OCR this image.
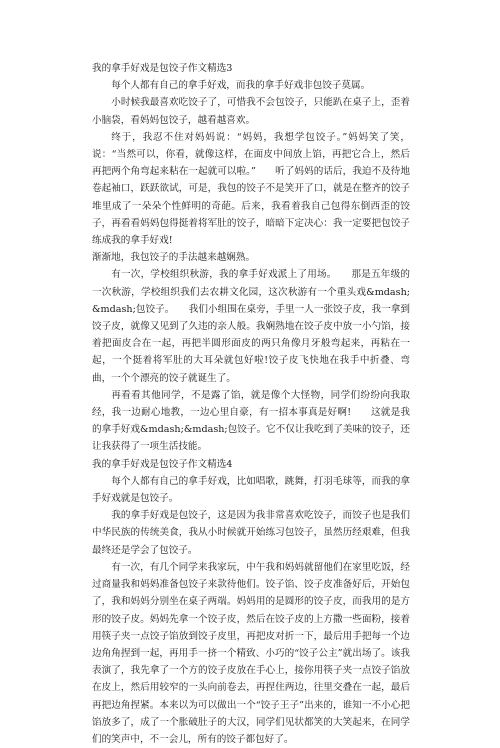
我的拿手好戏是包饺子作文精选3

每个人都有自己的拿手好戏，而我的拿手好戏非包饺子莫属。

小时候我最喜欢吃饺子了，可惜我不会包饺子，只能趴在桌子上，歪着小脑袋，看妈妈包饺子，越看越喜欢。

终于，我忍不住对妈妈说：“妈妈，我想学包饺子。”妈妈笑了笑，说：“当然可以，你看，就像这样，在面皮中间放上馅，再把它合上，然后再把两个角弯起来粘在一起就可以啦。”　　听了妈妈的话后，我迫不及待地卷起袖口，跃跃欲试，可是，我包的饺子不是笑开了口，就是在整齐的饺子堆里成了一朵朵个性鲜明的奇葩。后来，我看着我自己包得东倒西歪的饺子，再看看妈妈包得挺着将军肚的饺子，暗暗下定决心：我一定要把包饺子练成我的拿手好戏!

渐渐地，我包饺子的手法越来越娴熟。

有一次，学校组织秋游，我的拿手好戏派上了用场。　　那是五年级的一次秋游，学校组织我们去农耕文化园，这次秋游有一个重头戏&mdash;&mdash;包饺子。　　我们小组围在桌旁，手里一人一张饺子皮，我一拿到饺子皮，就像又见到了久违的亲人般。我娴熟地在饺子皮中放一小勺馅，接着把面皮合在一起，再把半圆形面皮的两只角像月牙般弯起来，再粘在一起，一个挺着将军肚的大耳朵就包好啦!饺子皮飞快地在我手中折叠、弯曲，一个个漂亮的饺子就诞生了。

再看看其他同学，不是露了馅，就是像个大怪物，同学们纷纷向我取经，我一边耐心地教，一边心里自豪，有一招本事真是好啊!　　这就是我的拿手好戏&mdash;&mdash;包饺子。它不仅让我吃到了美味的饺子，还让我获得了一项生活技能。

我的拿手好戏是包饺子作文精选4

每个人都有自己的拿手好戏，比如唱歌，跳舞，打羽毛球等，而我的拿手好戏就是包饺子。

我的拿手好戏是包饺子，这是因为我非常喜欢吃饺子，而饺子也是我们中华民族的传统美食，我从小时候就开始练习包饺子，虽然历经艰难，但我最终还是学会了包饺子。

有一次，有几个同学来我家玩，中午我和妈妈就留他们在家里吃饭，经过商量我和妈妈准备包饺子来款待他们。饺子馅、饺子皮准备好后，开始包了，我和妈妈分别坐在桌子两端。妈妈用的是圆形的饺子皮，而我用的是方形的饺子皮。妈妈先拿一个饺子皮，然后在饺子皮的上方撒一些面粉，接着用筷子夹一点饺子馅放到饺子皮里，再把皮对折一下，最后用手把每一个边边角角捏到一起，再用手一挤一个精致、小巧的“饺子公主”就出场了。该我表演了，我先拿了一个方的饺子皮放在手心上，接你用筷子夹一点饺子馅放在皮上，然后用较窄的一头向前卷去，再捏住两边，往里交叠在一起，最后再把边角捏紧。本来以为可以做出一个“饺子王子”出来的，谁知一不小心把馅放多了，成了一个胀破肚子的大汉，同学们见状都笑的大笑起来，在同学们的笑声中，不一会儿，所有的饺子都包好了。
